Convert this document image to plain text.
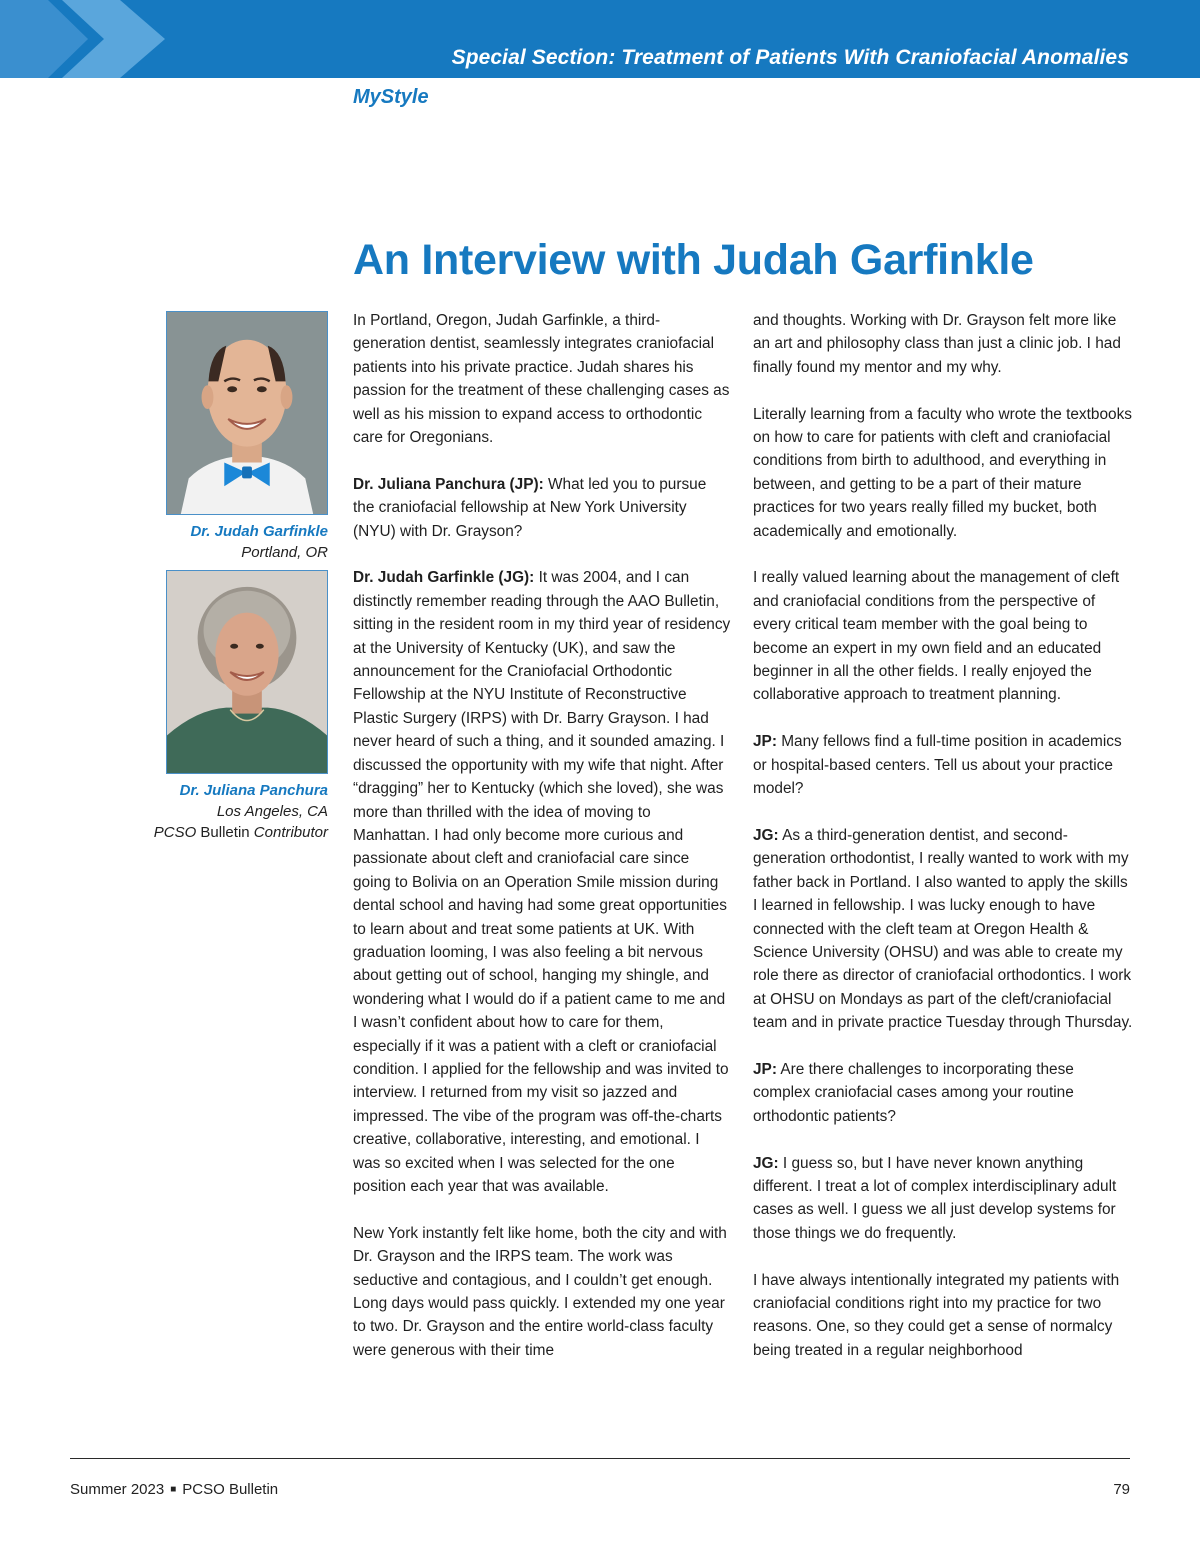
Special Section: Treatment of Patients With Craniofacial Anomalies
MyStyle
An Interview with Judah Garfinkle
Dr. Judah Garfinkle
Portland, OR
Dr. Juliana Panchura
Los Angeles, CA
PCSO Bulletin Contributor

In Portland, Oregon, Judah Garfinkle, a third-generation dentist, seamlessly integrates craniofacial patients into his private practice. Judah shares his passion for the treatment of these challenging cases as well as his mission to expand access to orthodontic care for Oregonians.

Dr. Juliana Panchura (JP): What led you to pursue the craniofacial fellowship at New York University (NYU) with Dr. Grayson?

Dr. Judah Garfinkle (JG): It was 2004, and I can distinctly remember reading through the AAO Bulletin, sitting in the resident room in my third year of residency at the University of Kentucky (UK), and saw the announcement for the Craniofacial Orthodontic Fellowship at the NYU Institute of Reconstructive Plastic Surgery (IRPS) with Dr. Barry Grayson. I had never heard of such a thing, and it sounded amazing. I discussed the opportunity with my wife that night. After “dragging” her to Kentucky (which she loved), she was more than thrilled with the idea of moving to Manhattan. I had only become more curious and passionate about cleft and craniofacial care since going to Bolivia on an Operation Smile mission during dental school and having had some great opportunities to learn about and treat some patients at UK. With graduation looming, I was also feeling a bit nervous about getting out of school, hanging my shingle, and wondering what I would do if a patient came to me and I wasn’t confident about how to care for them, especially if it was a patient with a cleft or craniofacial condition. I applied for the fellowship and was invited to interview. I returned from my visit so jazzed and impressed. The vibe of the program was off-the-charts creative, collaborative, interesting, and emotional. I was so excited when I was selected for the one position each year that was available.

New York instantly felt like home, both the city and with Dr. Grayson and the IRPS team. The work was seductive and contagious, and I couldn’t get enough. Long days would pass quickly. I extended my one year to two. Dr. Grayson and the entire world-class faculty were generous with their time

and thoughts. Working with Dr. Grayson felt more like an art and philosophy class than just a clinic job. I had finally found my mentor and my why.

Literally learning from a faculty who wrote the textbooks on how to care for patients with cleft and craniofacial conditions from birth to adulthood, and everything in between, and getting to be a part of their mature practices for two years really filled my bucket, both academically and emotionally.

I really valued learning about the management of cleft and craniofacial conditions from the perspective of every critical team member with the goal being to become an expert in my own field and an educated beginner in all the other fields. I really enjoyed the collaborative approach to treatment planning.

JP: Many fellows find a full-time position in academics or hospital-based centers. Tell us about your practice model?

JG: As a third-generation dentist, and second-generation orthodontist, I really wanted to work with my father back in Portland. I also wanted to apply the skills I learned in fellowship. I was lucky enough to have connected with the cleft team at Oregon Health & Science University (OHSU) and was able to create my role there as director of craniofacial orthodontics. I work at OHSU on Mondays as part of the cleft/craniofacial team and in private practice Tuesday through Thursday.

JP: Are there challenges to incorporating these complex craniofacial cases among your routine orthodontic patients?

JG: I guess so, but I have never known anything different. I treat a lot of complex interdisciplinary adult cases as well. I guess we all just develop systems for those things we do frequently.

I have always intentionally integrated my patients with craniofacial conditions right into my practice for two reasons. One, so they could get a sense of normalcy being treated in a regular neighborhood

Summer 2023 ■ PCSO Bulletin	79
